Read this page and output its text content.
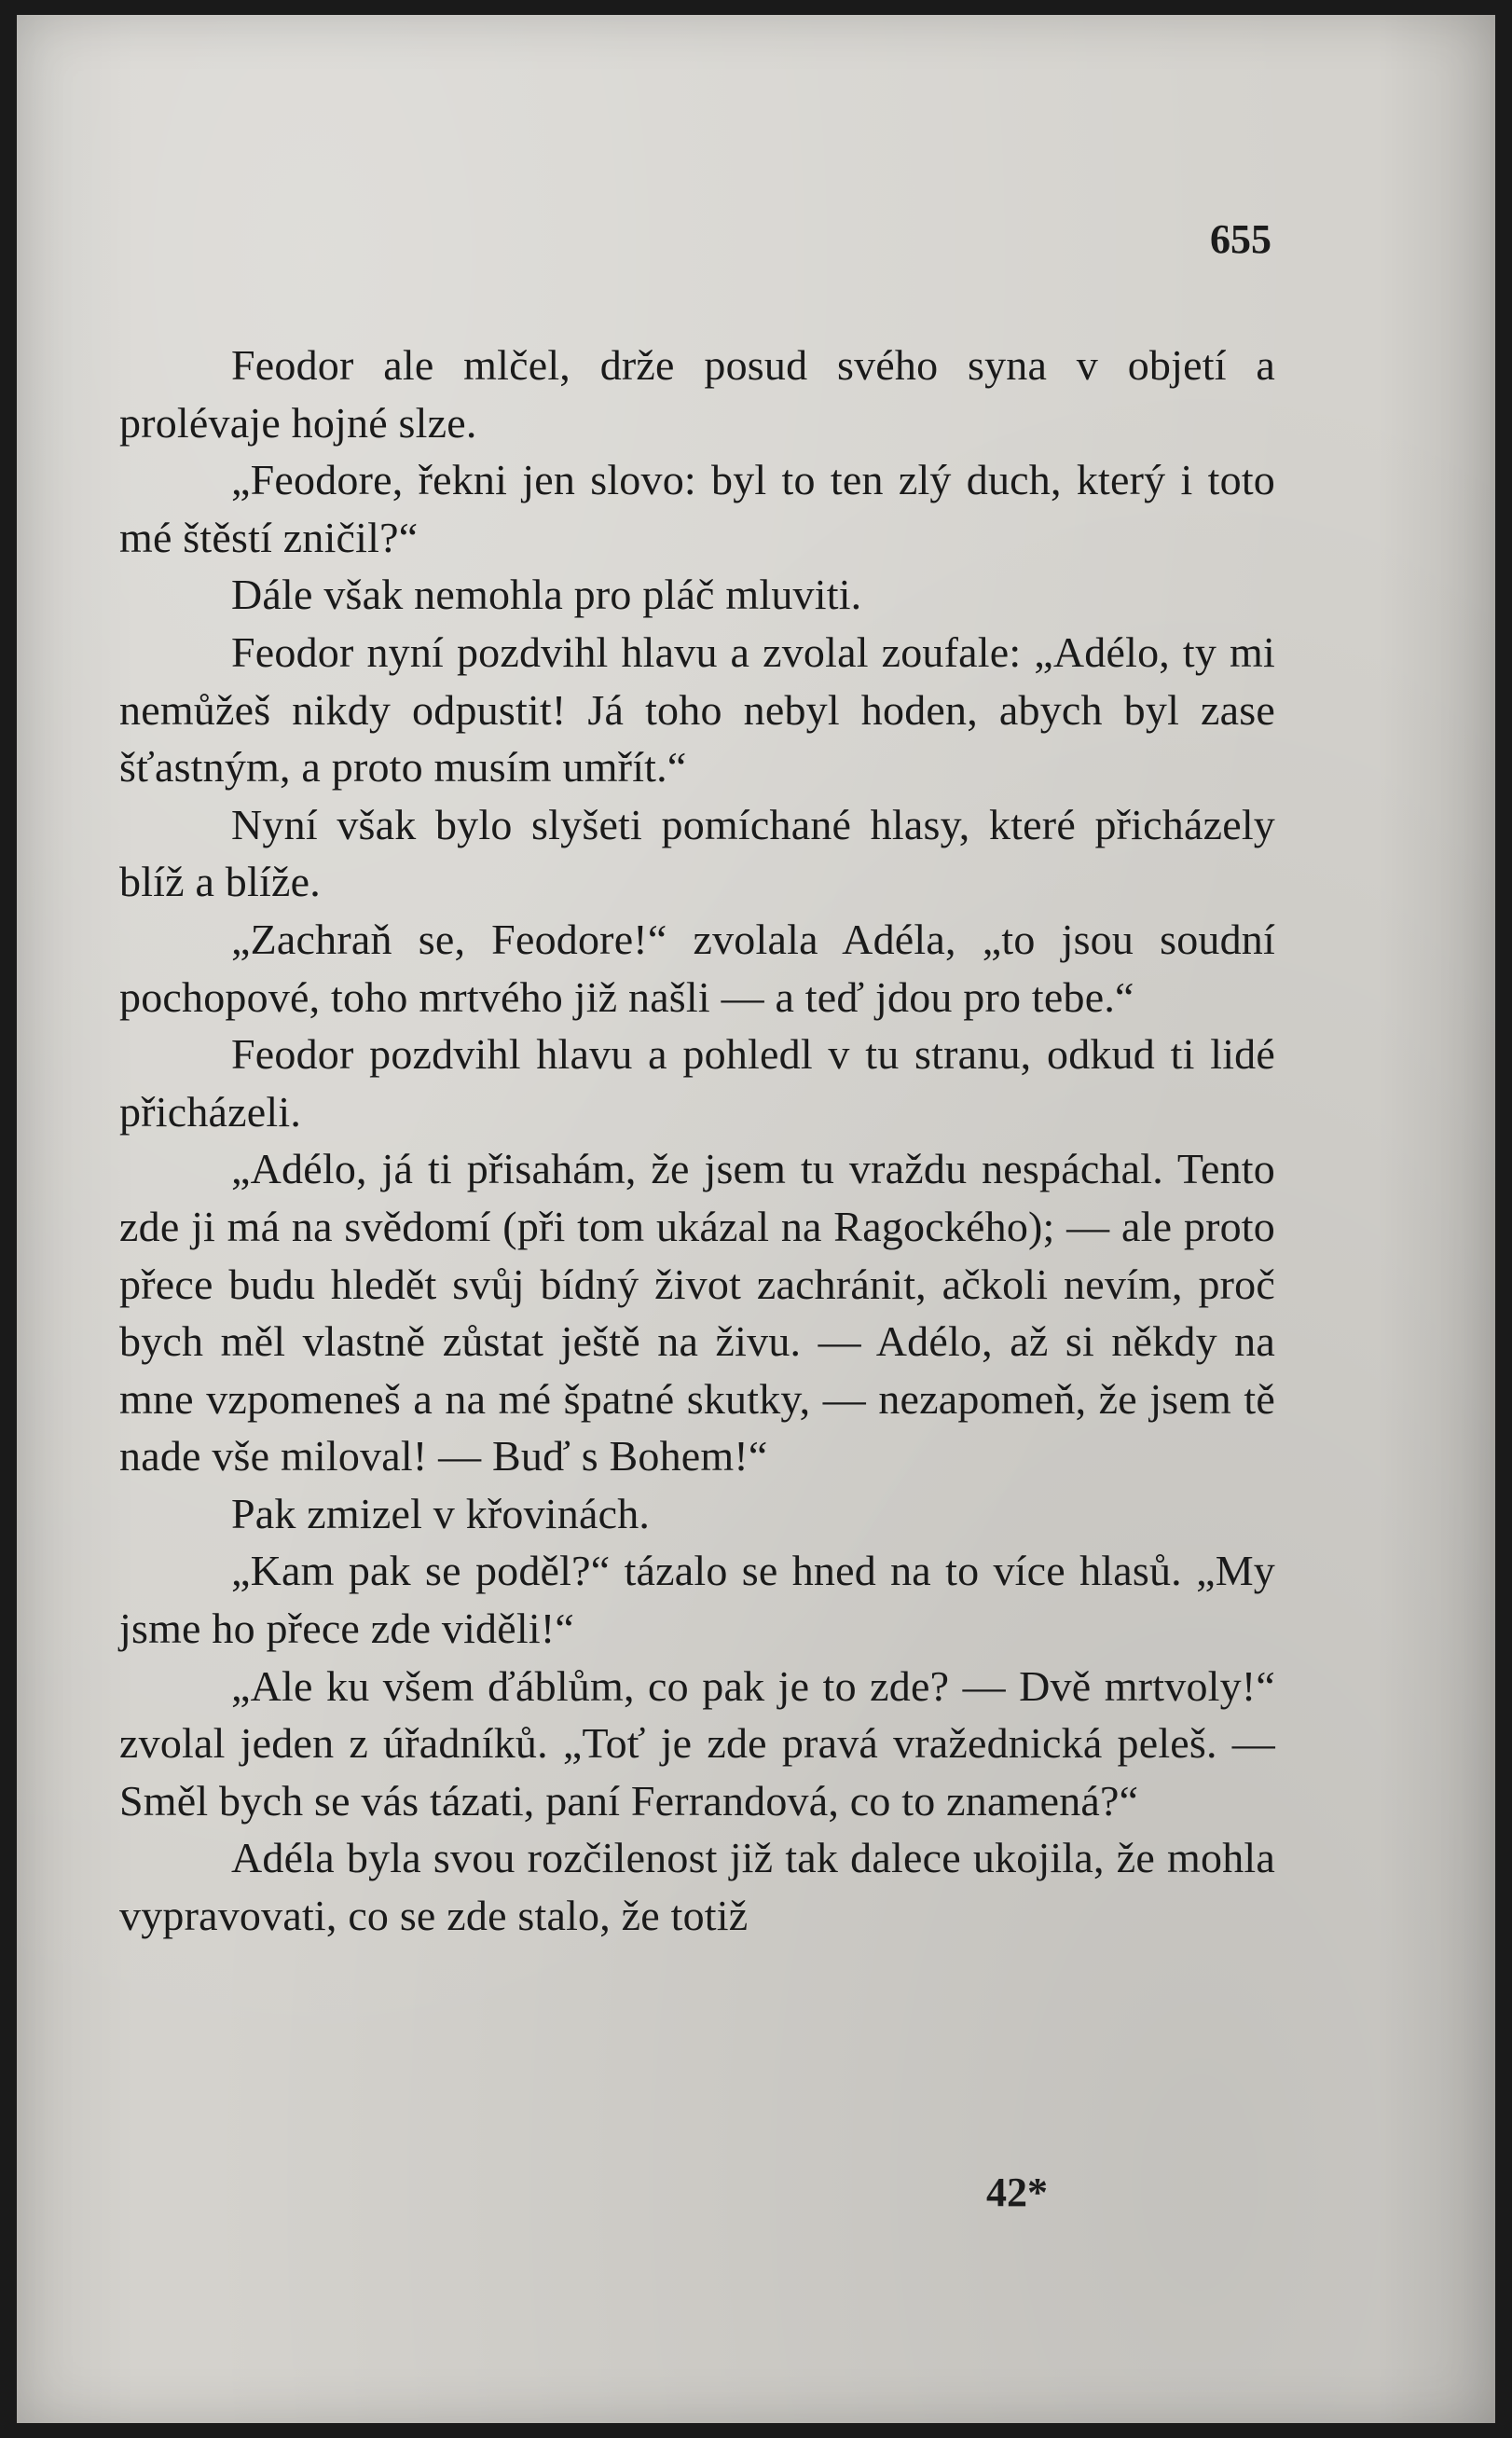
655

Feodor ale mlčel, drže posud svého syna v objetí a prolévaje hojné slze.

„Feodore, řekni jen slovo: byl to ten zlý duch, který i toto mé štěstí zničil?“

Dále však nemohla pro pláč mluviti.

Feodor nyní pozdvihl hlavu a zvolal zoufale: „Adélo, ty mi nemůžeš nikdy odpustit! Já toho nebyl hoden, abych byl zase šťastným, a proto musím umřít.“

Nyní však bylo slyšeti pomíchané hlasy, které přicházely blíž a blíže.

„Zachraň se, Feodore!“ zvolala Adéla, „to jsou soudní pochopové, toho mrtvého již našli — a teď jdou pro tebe.“

Feodor pozdvihl hlavu a pohledl v tu stranu, odkud ti lidé přicházeli.

„Adélo, já ti přisahám, že jsem tu vraždu nespáchal. Tento zde ji má na svědomí (při tom ukázal na Ragockého); — ale proto přece budu hledět svůj bídný život zachránit, ačkoli nevím, proč bych měl vlastně zůstat ještě na živu. — Adélo, až si někdy na mne vzpomeneš a na mé špatné skutky, — nezapomeň, že jsem tě nade vše miloval! — Buď s Bohem!“

Pak zmizel v křovinách.

„Kam pak se poděl?“ tázalo se hned na to více hlasů. „My jsme ho přece zde viděli!“

„Ale ku všem ďáblům, co pak je to zde? — Dvě mrtvoly!“ zvolal jeden z úřadníků. „Toť je zde pravá vražednická peleš. — Směl bych se vás tázati, paní Ferrandová, co to znamená?“

Adéla byla svou rozčilenost již tak dalece ukojila, že mohla vypravovati, co se zde stalo, že totiž

42*
